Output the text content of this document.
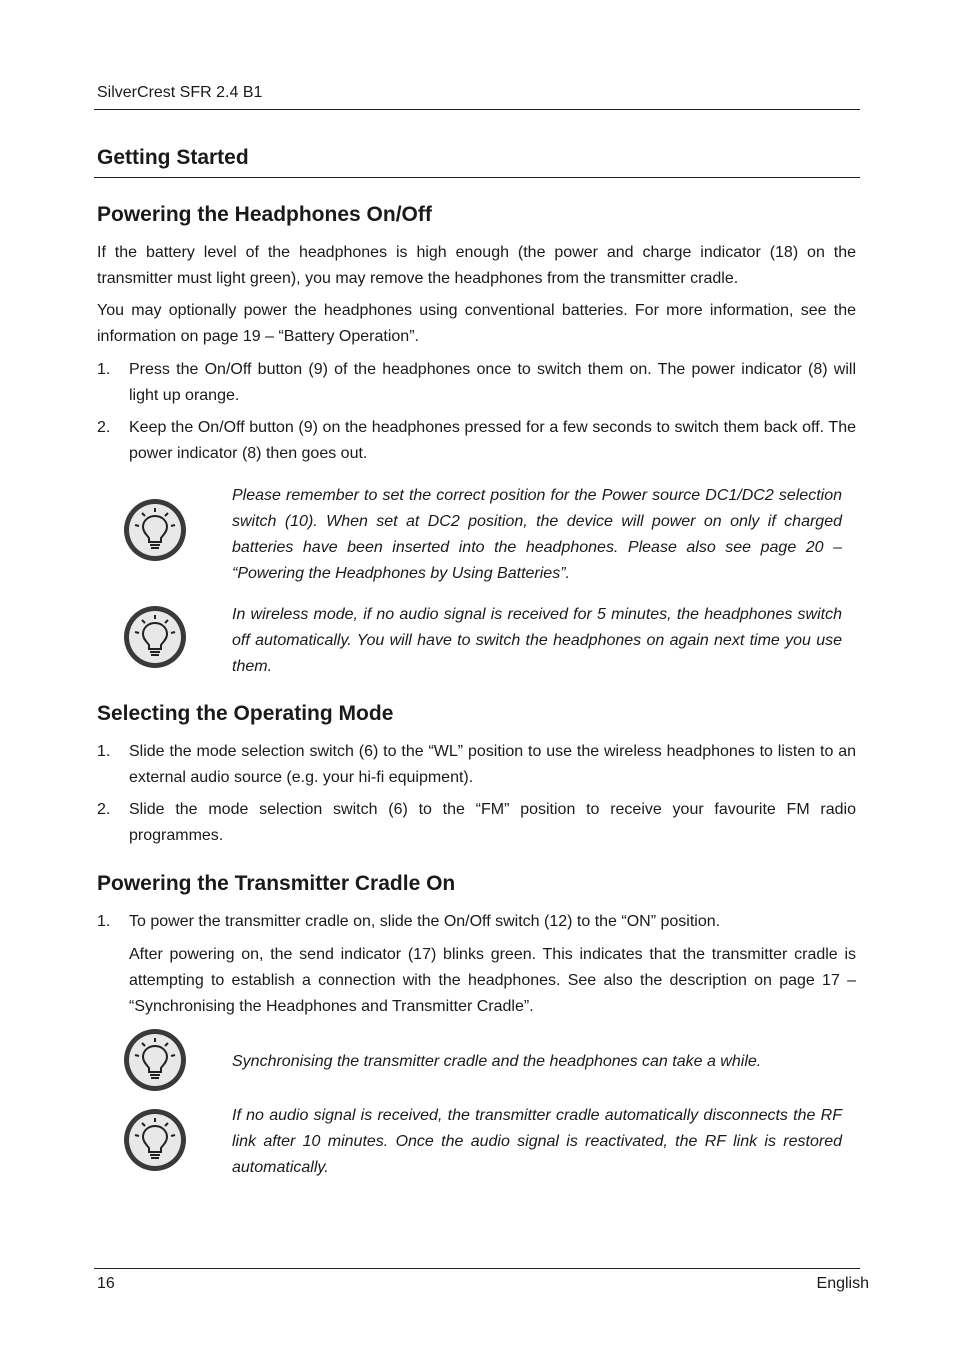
SilverCrest SFR 2.4 B1
Getting Started
Powering the Headphones On/Off

If the battery level of the headphones is high enough (the power and charge indicator (18) on the transmitter must light green), you may remove the headphones from the transmitter cradle.

You may optionally power the headphones using conventional batteries. For more information, see the information on page 19 – “Battery Operation”.

1. Press the On/Off button (9) of the headphones once to switch them on. The power indicator (8) will light up orange.

2. Keep the On/Off button (9) on the headphones pressed for a few seconds to switch them back off. The power indicator (8) then goes out.

Please remember to set the correct position for the Power source DC1/DC2 selection switch (10). When set at DC2 position, the device will power on only if charged batteries have been inserted into the headphones. Please also see page 20 – “Powering the Headphones by Using Batteries”.

In wireless mode, if no audio signal is received for 5 minutes, the headphones switch off automatically. You will have to switch the headphones on again next time you use them.

Selecting the Operating Mode
1. Slide the mode selection switch (6) to the “WL” position to use the wireless headphones to listen to an external audio source (e.g. your hi-fi equipment).

2. Slide the mode selection switch (6) to the “FM” position to receive your favourite FM radio programmes.

Powering the Transmitter Cradle On
1. To power the transmitter cradle on, slide the On/Off switch (12) to the “ON” position.

After powering on, the send indicator (17) blinks green. This indicates that the transmitter cradle is attempting to establish a connection with the headphones. See also the description on page 17 – “Synchronising the Headphones and Transmitter Cradle”.

Synchronising the transmitter cradle and the headphones can take a while.

If no audio signal is received, the transmitter cradle automatically disconnects the RF link after 10 minutes. Once the audio signal is reactivated, the RF link is restored automatically.

16	English
